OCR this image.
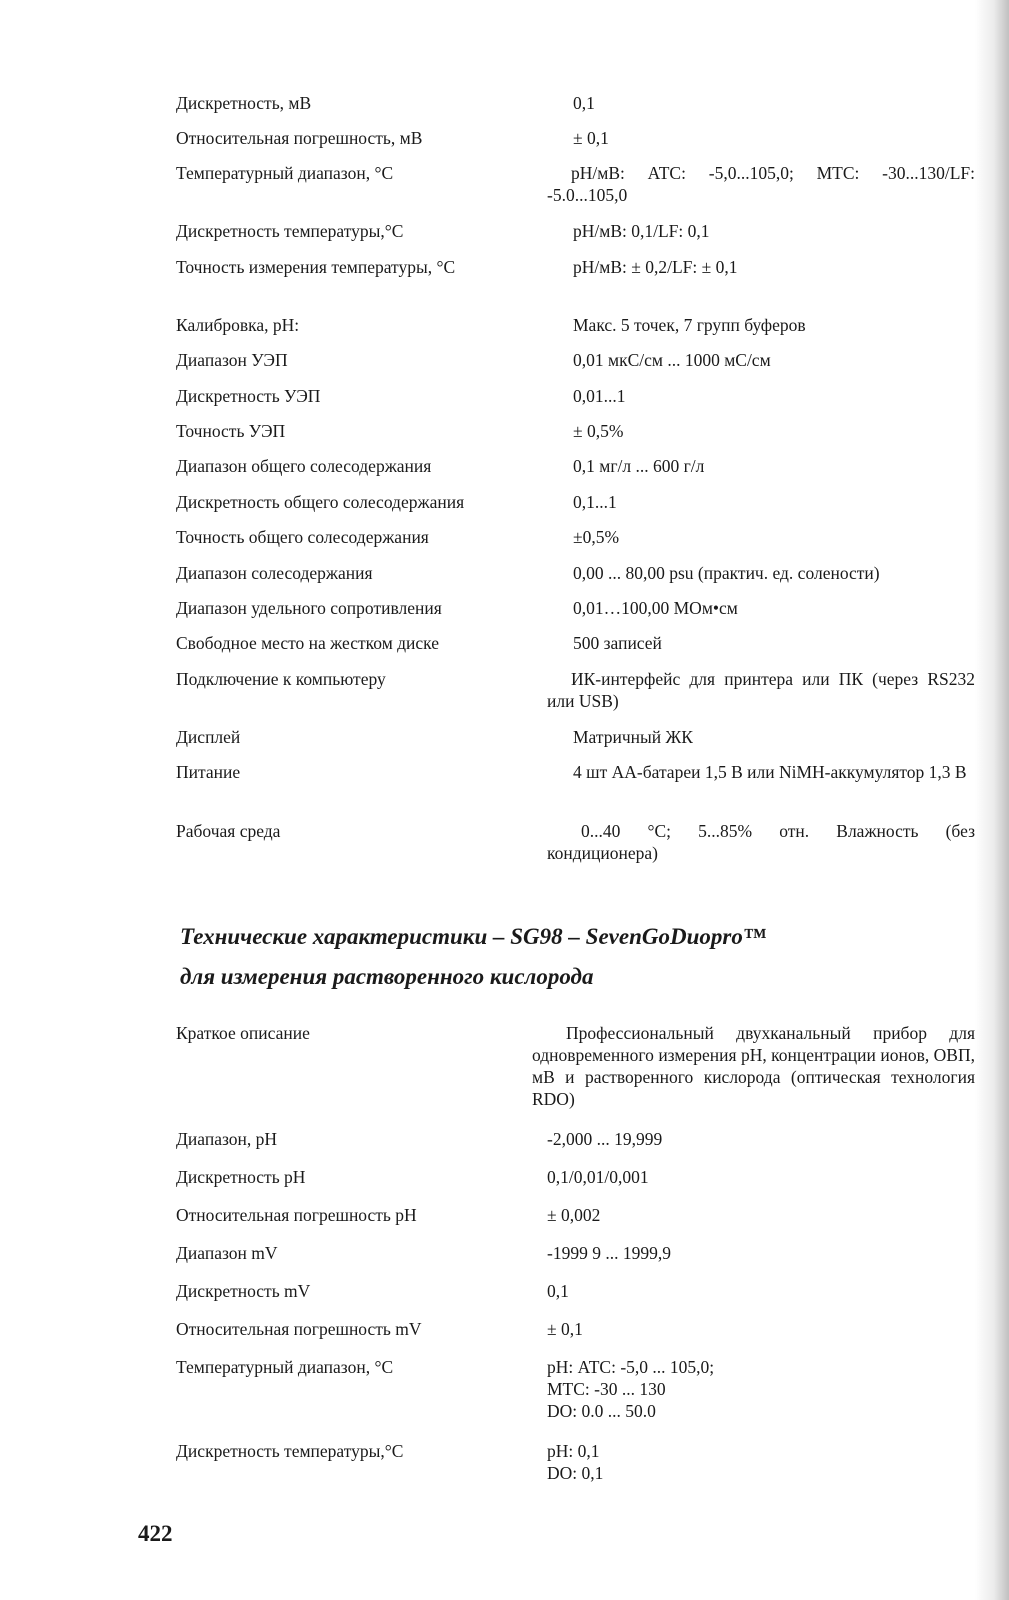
Дискретность, мВ	0,1
Относительная погрешность, мВ	± 0,1
Температурный диапазон, °С	pH/мВ: АТС: -5,0...105,0; МТС: -30...130/LF: -5.0...105,0
Дискретность температуры,°С	pH/мВ: 0,1/LF: 0,1
Точность измерения температуры, °С	pH/мВ: ± 0,2/LF: ± 0,1
Калибровка, pH:	Макс. 5 точек, 7 групп буферов
Диапазон УЭП	0,01 мкС/см ... 1000 мС/см
Дискретность УЭП	0,01...1
Точность УЭП	± 0,5%
Диапазон общего солесодержания	0,1 мг/л ... 600 г/л
Дискретность общего солесодержания	0,1...1
Точность общего солесодержания	±0,5%
Диапазон солесодержания	0,00 ... 80,00 psu (практич. ед. солености)
Диапазон удельного сопротивления	0,01…100,00 МОм•см
Свободное место на жестком диске	500 записей
Подключение к компьютеру	ИК-интерфейс для принтера или ПК (через RS232 или USB)
Дисплей	Матричный ЖК
Питание	4 шт АА-батареи 1,5 В или NiMH-аккумулятор 1,3 В
Рабочая среда	0...40 °С; 5...85% отн. Влажность (без кондиционера)
Технические характеристики – SG98 – SevenGoDuopro™
для измерения растворенного кислорода
Краткое описание	Профессиональный двухканальный прибор для одновременного измерения pH, концентрации ионов, ОВП, мВ и растворенного кислорода (оптическая технология RDO)
Диапазон, pH	-2,000 ... 19,999
Дискретность pH	0,1/0,01/0,001
Относительная погрешность pH	± 0,002
Диапазон mV	-1999 9 ... 1999,9
Дискретность mV	0,1
Относительная погрешность mV	± 0,1
Температурный диапазон, °С	pH: АТС: -5,0 ... 105,0;
МТС: -30 ... 130
DO: 0.0 ... 50.0
Дискретность температуры,°С	pH: 0,1
DO: 0,1
422
